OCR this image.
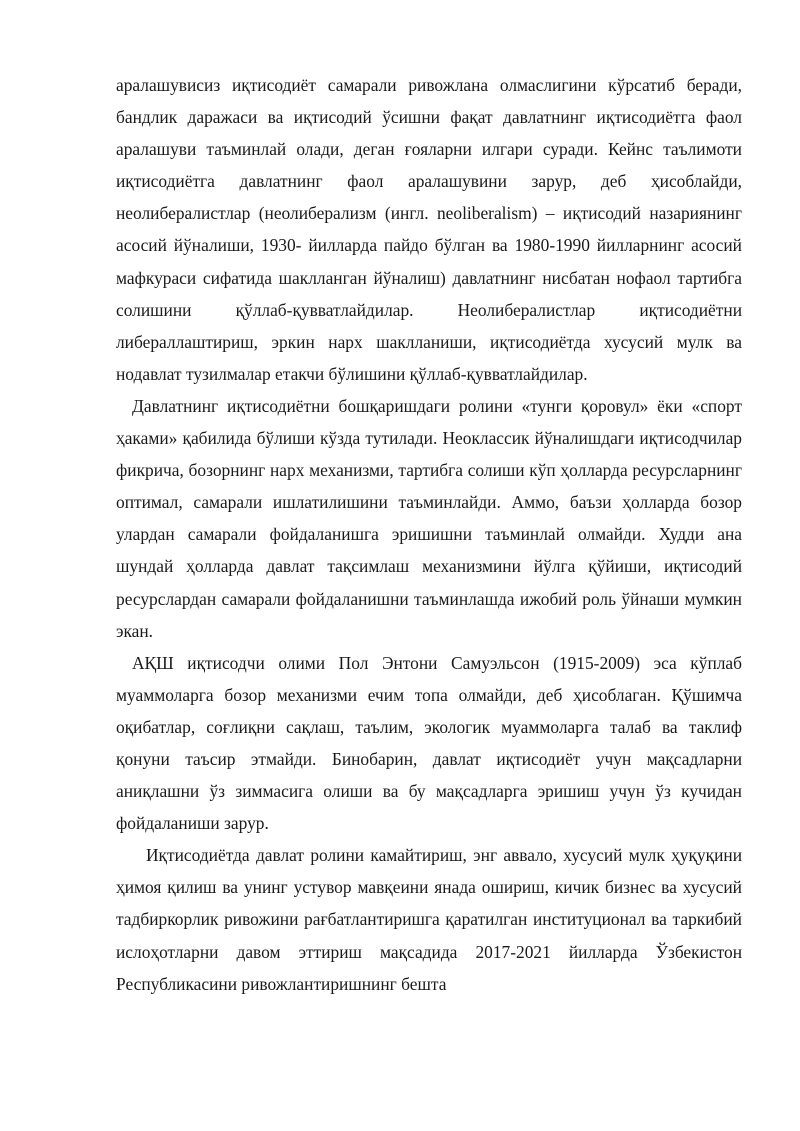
аралашувисиз иқтисодиёт самарали ривожлана олмаслигини кўрсатиб беради, бандлик даражаси ва иқтисодий ўсишни фақат давлатнинг иқтисодиётга фаол аралашуви таъминлай олади, деган ғояларни илгари суради. Кейнс таълимоти иқтисодиётга давлатнинг фаол аралашувини зарур, деб ҳисоблайди, неолибералистлар (неолиберализм (ингл. neoliberalism) – иқтисодий назариянинг асосий йўналиши, 1930- йилларда пайдо бўлган ва 1980-1990 йилларнинг асосий мафкураси сифатида шаклланган йўналиш) давлатнинг нисбатан нофаол тартибга солишини қўллаб-қувватлайдилар. Неолибералистлар иқтисодиётни либераллаштириш, эркин нарх шаклланиши, иқтисодиётда хусусий мулк ва нодавлат тузилмалар етакчи бўлишини қўллаб-қувватлайдилар.

Давлатнинг иқтисодиётни бошқаришдаги ролини «тунги қоровул» ёки «спорт ҳаками» қабилида бўлиши кўзда тутилади. Неоклассик йўналишдаги иқтисодчилар фикрича, бозорнинг нарх механизми, тартибга солиши кўп ҳолларда ресурсларнинг оптимал, самарали ишлатилишини таъминлайди. Аммо, баъзи ҳолларда бозор улардан самарали фойдаланишга эришишни таъминлай олмайди. Худди ана шундай ҳолларда давлат тақсимлаш механизмини йўлга қўйиши, иқтисодий ресурслардан самарали фойдаланишни таъминлашда ижобий роль ўйнаши мумкин экан.

АҚШ иқтисодчи олими Пол Энтони Самуэльсон (1915-2009) эса кўплаб муаммоларга бозор механизми ечим топа олмайди, деб ҳисоблаган. Қўшимча оқибатлар, соғлиқни сақлаш, таълим, экологик муаммоларга талаб ва таклиф қонуни таъсир этмайди. Бинобарин, давлат иқтисодиёт учун мақсадларни аниқлашни ўз зиммасига олиши ва бу мақсадларга эришиш учун ўз кучидан фойдаланиши зарур.

Иқтисодиётда давлат ролини камайтириш, энг аввало, хусусий мулк ҳуқуқини ҳимоя қилиш ва унинг устувор мавқеини янада ошириш, кичик бизнес ва хусусий тадбиркорлик ривожини рағбатлантиришга қаратилган институционал ва таркибий ислоҳотларни давом эттириш мақсадида 2017-2021 йилларда Ўзбекистон Республикасини ривожлантиришнинг бешта
